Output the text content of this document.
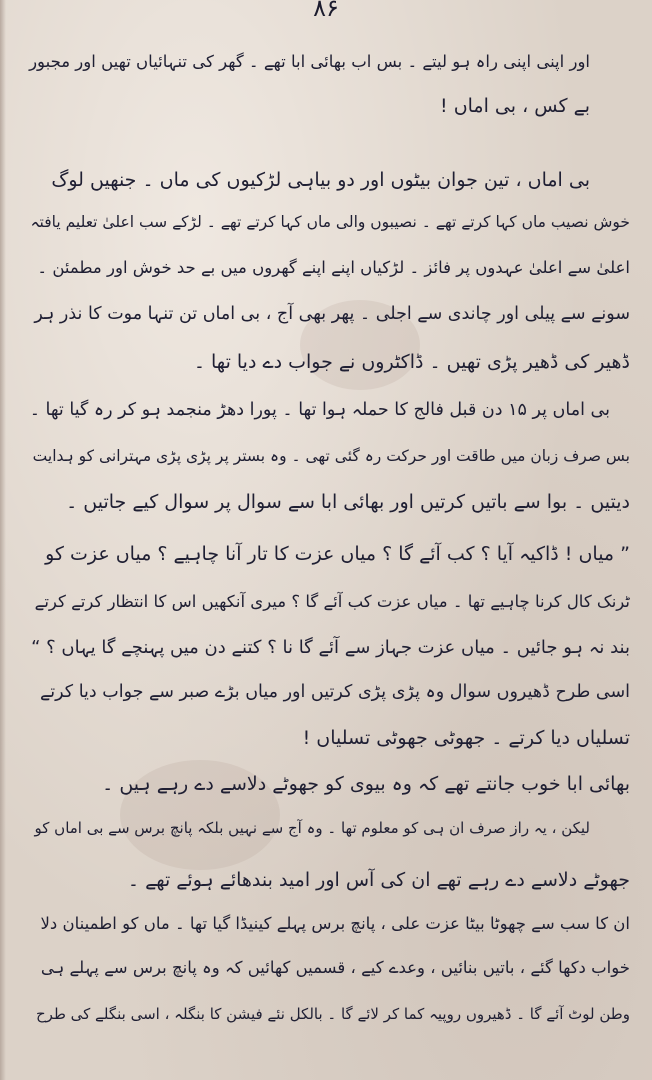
۸۶
اور اپنی اپنی راہ ہو لیتے ۔ بس اب بھائی ابا تھے ۔ گھر کی تنہائیاں تھیں اور مجبور
بے کس ، بی اماں !
بی اماں ، تین جوان بیٹوں اور دو بیاہی لڑکیوں کی ماں ۔ جنھیں لوگ
خوش نصیب ماں کہا کرتے تھے ۔ نصیبوں والی ماں کہا کرتے تھے ۔ لڑکے سب اعلیٰ تعلیم یافتہ
اعلیٰ سے اعلیٰ عہدوں پر فائز ۔ لڑکیاں اپنے اپنے گھروں میں بے حد خوش اور مطمئن ۔
سونے سے پیلی اور چاندی سے اجلی ۔ پھر بھی آج ، بی اماں تن تنہا موت کا نذر ہر
ڈھیر کی ڈھیر پڑی تھیں ۔ ڈاکٹروں نے جواب دے دیا تھا ۔
بی اماں پر ۱۵ دن قبل فالج کا حملہ ہوا تھا ۔ پورا دھڑ منجمد ہو کر رہ گیا تھا ۔
بس صرف زبان میں طاقت اور حرکت رہ گئی تھی ۔ وہ بستر پر پڑی پڑی مہترانی کو ہدایت
دیتیں ۔ بوا سے باتیں کرتیں اور بھائی ابا سے سوال پر سوال کیے جاتیں ۔
” میاں ! ڈاکیہ آیا ؟ کب آئے گا ؟ میاں عزت کا تار آنا چاہیے ؟ میاں عزت کو
ٹرنک کال کرنا چاہیے تھا ۔ میاں عزت کب آئے گا ؟ میری آنکھیں اس کا انتظار کرتے کرتے
بند نہ ہو جائیں ۔ میاں عزت جہاز سے آئے گا نا ؟ کتنے دن میں پہنچے گا یہاں ؟ “
اسی طرح ڈھیروں سوال وہ پڑی پڑی کرتیں اور میاں بڑے صبر سے جواب دیا کرتے
تسلیاں دیا کرتے ۔ جھوٹی جھوٹی تسلیاں !
بھائی ابا خوب جانتے تھے کہ وہ بیوی کو جھوٹے دلاسے دے رہے ہیں ۔
لیکن ، یہ راز صرف ان ہی کو معلوم تھا ۔ وہ آج سے نہیں بلکہ پانچ برس سے بی اماں کو
جھوٹے دلاسے دے رہے تھے ان کی آس اور امید بندھائے ہوئے تھے ۔
ان کا سب سے چھوٹا بیٹا عزت علی ، پانچ برس پہلے کینیڈا گیا تھا ۔ ماں کو اطمینان دلا
خواب دکھا گئے ، باتیں بنائیں ، وعدے کیے ، قسمیں کھائیں کہ وہ پانچ برس سے پہلے ہی
وطن لوٹ آئے گا ۔ ڈھیروں روپیہ کما کر لائے گا ۔ بالکل نئے فیشن کا بنگلہ ، اسی بنگلے کی طرح
